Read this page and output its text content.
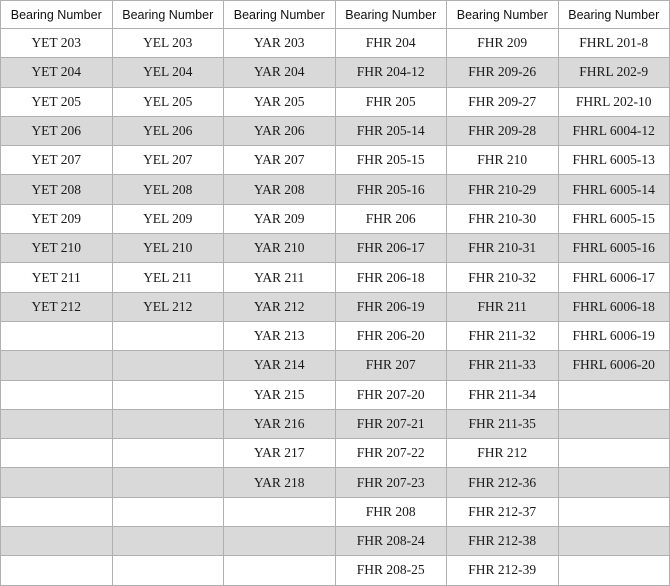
Bearing Number	Bearing Number	Bearing Number	Bearing Number	Bearing Number	Bearing Number
YET 203	YEL 203	YAR 203	FHR 204	FHR 209	FHRL 201-8
YET 204	YEL 204	YAR 204	FHR 204-12	FHR 209-26	FHRL 202-9
YET 205	YEL 205	YAR 205	FHR 205	FHR 209-27	FHRL 202-10
YET 206	YEL 206	YAR 206	FHR 205-14	FHR 209-28	FHRL 6004-12
YET 207	YEL 207	YAR 207	FHR 205-15	FHR 210	FHRL 6005-13
YET 208	YEL 208	YAR 208	FHR 205-16	FHR 210-29	FHRL 6005-14
YET 209	YEL 209	YAR 209	FHR 206	FHR 210-30	FHRL 6005-15
YET 210	YEL 210	YAR 210	FHR 206-17	FHR 210-31	FHRL 6005-16
YET 211	YEL 211	YAR 211	FHR 206-18	FHR 210-32	FHRL 6006-17
YET 212	YEL 212	YAR 212	FHR 206-19	FHR 211	FHRL 6006-18
		YAR 213	FHR 206-20	FHR 211-32	FHRL 6006-19
		YAR 214	FHR 207	FHR 211-33	FHRL 6006-20
		YAR 215	FHR 207-20	FHR 211-34	
		YAR 216	FHR 207-21	FHR 211-35	
		YAR 217	FHR 207-22	FHR 212	
		YAR 218	FHR 207-23	FHR 212-36	
			FHR 208	FHR 212-37	
			FHR 208-24	FHR 212-38	
			FHR 208-25	FHR 212-39	
